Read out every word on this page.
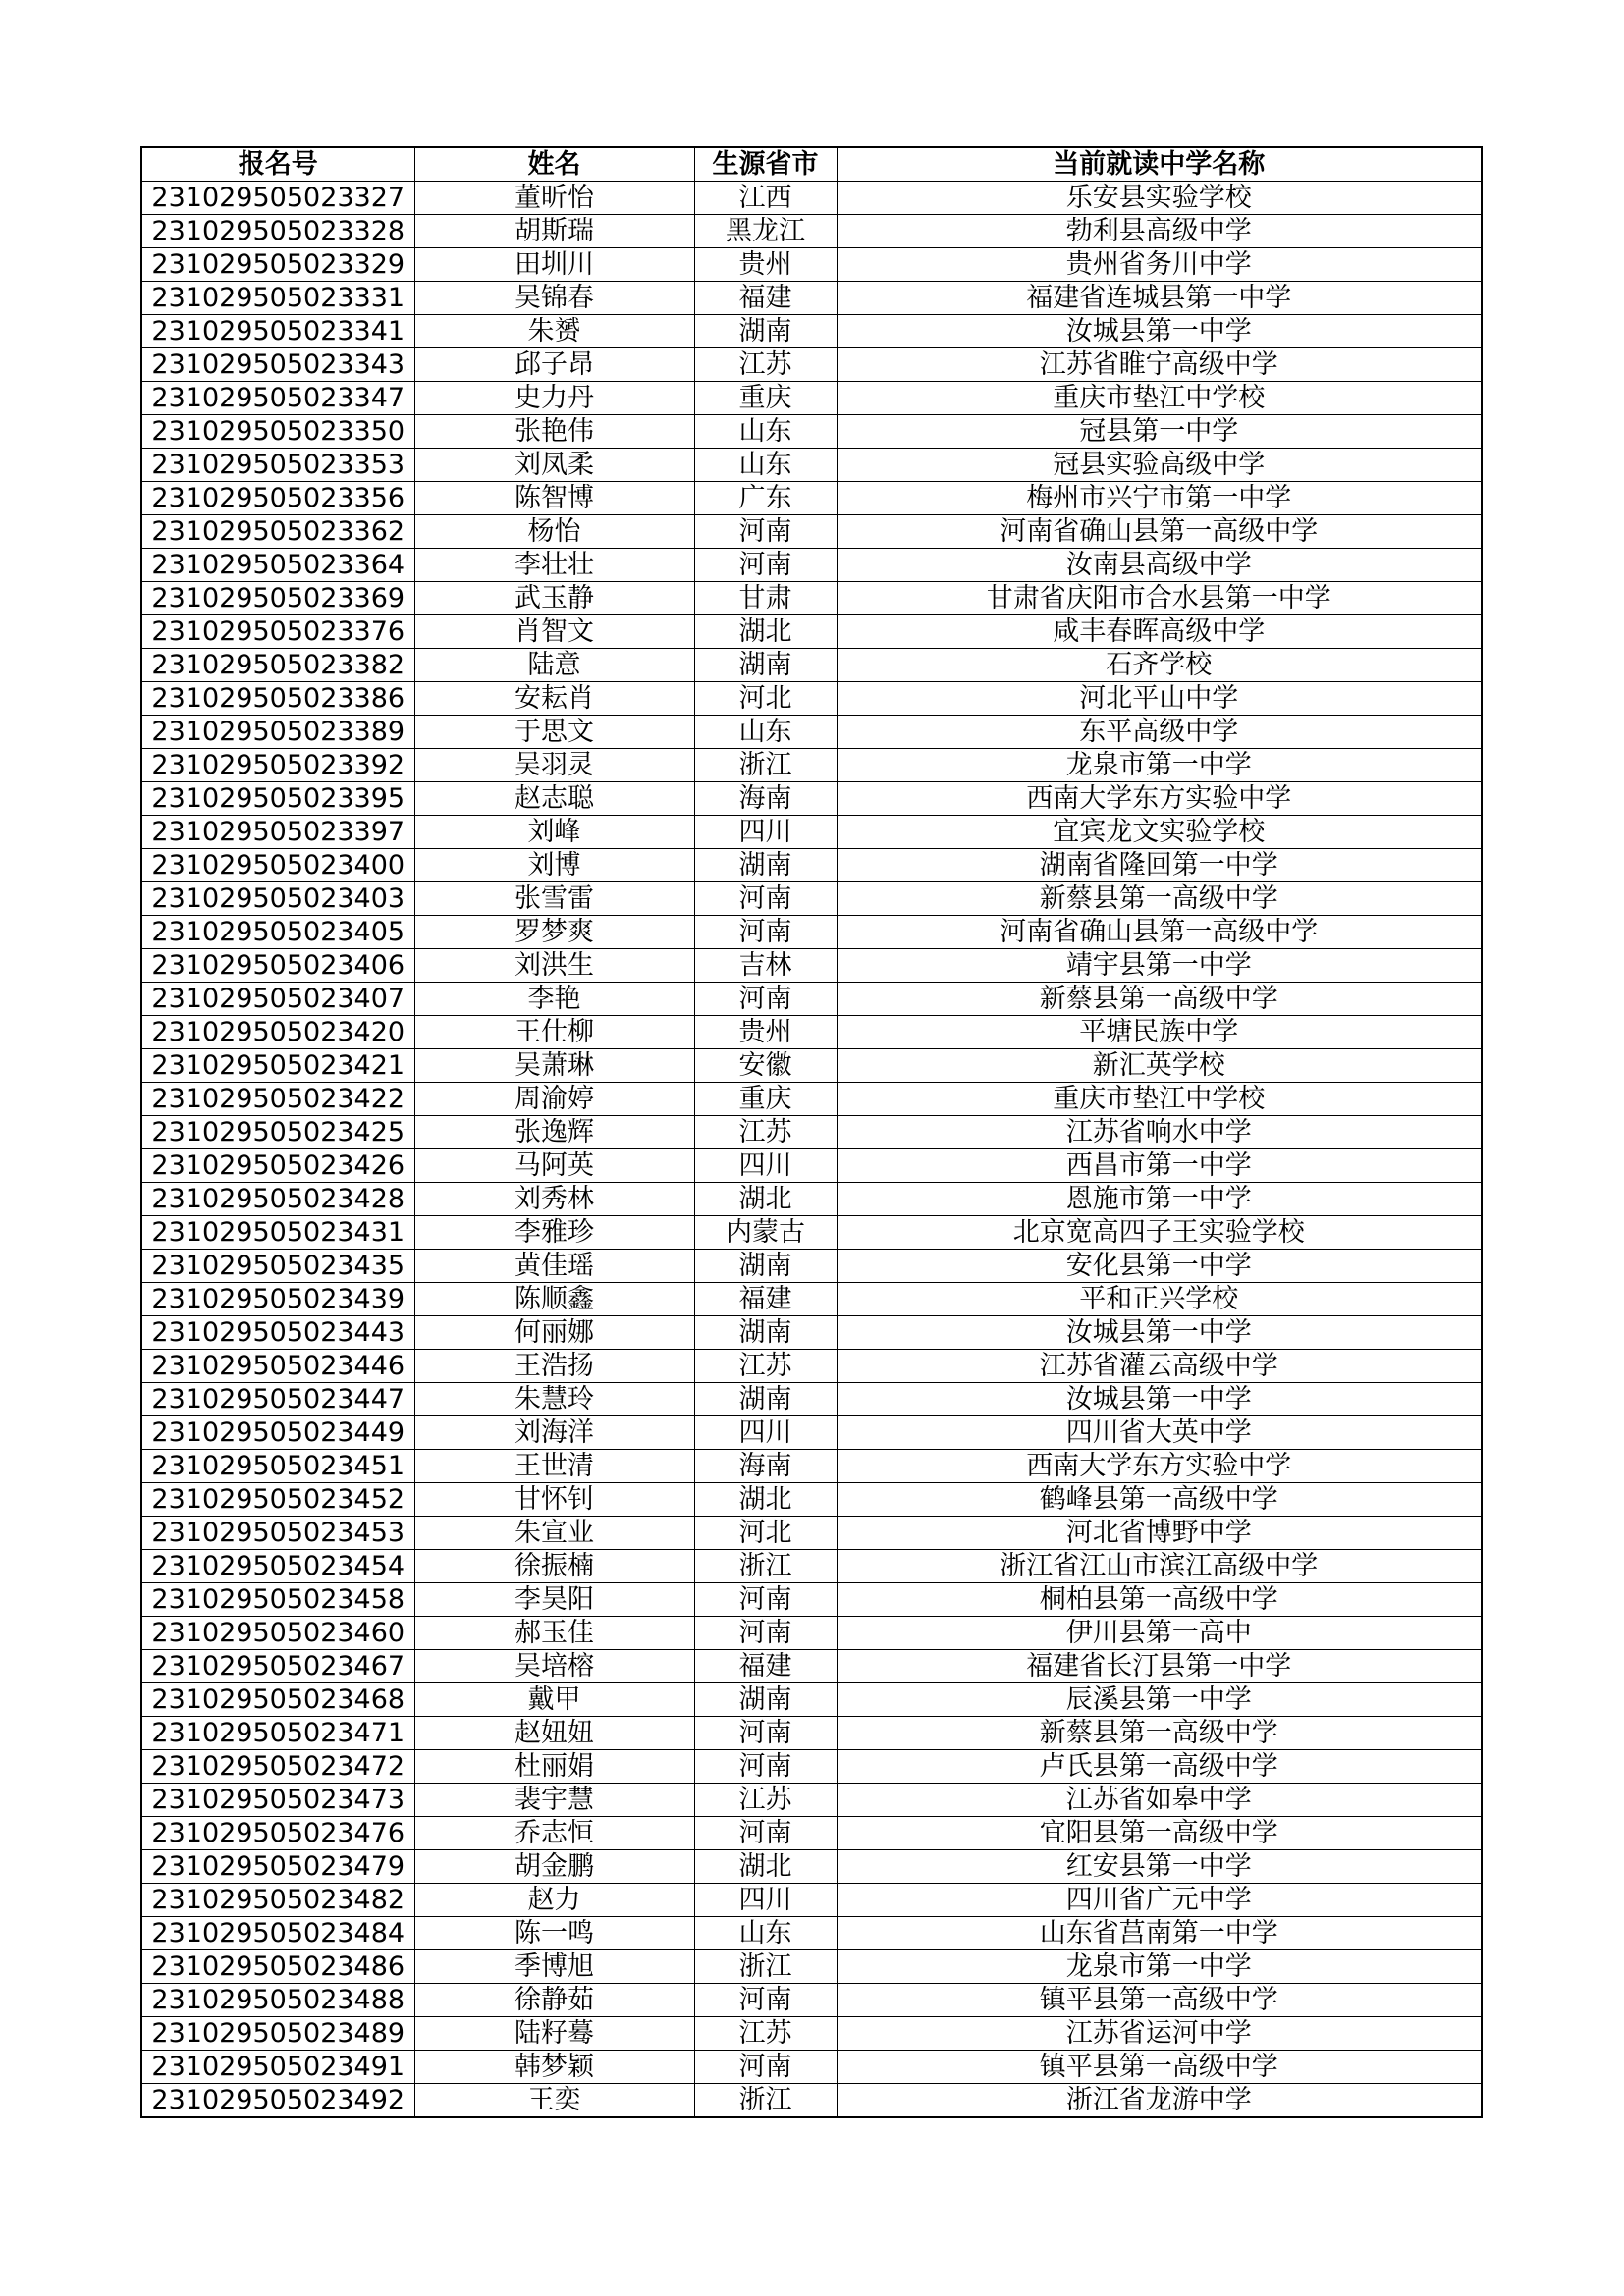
报名号	姓名	生源省市	当前就读中学名称
231029505023327	董昕怡	江西	乐安县实验学校
231029505023328	胡斯瑞	黑龙江	勃利县高级中学
231029505023329	田圳川	贵州	贵州省务川中学
231029505023331	吴锦春	福建	福建省连城县第一中学
231029505023341	朱赟	湖南	汝城县第一中学
231029505023343	邱子昂	江苏	江苏省睢宁高级中学
231029505023347	史力丹	重庆	重庆市垫江中学校
231029505023350	张艳伟	山东	冠县第一中学
231029505023353	刘凤柔	山东	冠县实验高级中学
231029505023356	陈智博	广东	梅州市兴宁市第一中学
231029505023362	杨怡	河南	河南省确山县第一高级中学
231029505023364	李壮壮	河南	汝南县高级中学
231029505023369	武玉静	甘肃	甘肃省庆阳市合水县第一中学
231029505023376	肖智文	湖北	咸丰春晖高级中学
231029505023382	陆意	湖南	石齐学校
231029505023386	安耘肖	河北	河北平山中学
231029505023389	于思文	山东	东平高级中学
231029505023392	吴羽灵	浙江	龙泉市第一中学
231029505023395	赵志聪	海南	西南大学东方实验中学
231029505023397	刘峰	四川	宜宾龙文实验学校
231029505023400	刘博	湖南	湖南省隆回第一中学
231029505023403	张雪雷	河南	新蔡县第一高级中学
231029505023405	罗梦爽	河南	河南省确山县第一高级中学
231029505023406	刘洪生	吉林	靖宇县第一中学
231029505023407	李艳	河南	新蔡县第一高级中学
231029505023420	王仕柳	贵州	平塘民族中学
231029505023421	吴萧琳	安徽	新汇英学校
231029505023422	周渝婷	重庆	重庆市垫江中学校
231029505023425	张逸辉	江苏	江苏省响水中学
231029505023426	马阿英	四川	西昌市第一中学
231029505023428	刘秀林	湖北	恩施市第一中学
231029505023431	李雅珍	内蒙古	北京宽高四子王实验学校
231029505023435	黄佳瑶	湖南	安化县第一中学
231029505023439	陈顺鑫	福建	平和正兴学校
231029505023443	何丽娜	湖南	汝城县第一中学
231029505023446	王浩扬	江苏	江苏省灌云高级中学
231029505023447	朱慧玲	湖南	汝城县第一中学
231029505023449	刘海洋	四川	四川省大英中学
231029505023451	王世清	海南	西南大学东方实验中学
231029505023452	甘怀钊	湖北	鹤峰县第一高级中学
231029505023453	朱宣业	河北	河北省博野中学
231029505023454	徐振楠	浙江	浙江省江山市滨江高级中学
231029505023458	李昊阳	河南	桐柏县第一高级中学
231029505023460	郝玉佳	河南	伊川县第一高中
231029505023467	吴培榕	福建	福建省长汀县第一中学
231029505023468	戴甲	湖南	辰溪县第一中学
231029505023471	赵妞妞	河南	新蔡县第一高级中学
231029505023472	杜丽娟	河南	卢氏县第一高级中学
231029505023473	裴宇慧	江苏	江苏省如皋中学
231029505023476	乔志恒	河南	宜阳县第一高级中学
231029505023479	胡金鹏	湖北	红安县第一中学
231029505023482	赵力	四川	四川省广元中学
231029505023484	陈一鸣	山东	山东省莒南第一中学
231029505023486	季博旭	浙江	龙泉市第一中学
231029505023488	徐静茹	河南	镇平县第一高级中学
231029505023489	陆籽蓦	江苏	江苏省运河中学
231029505023491	韩梦颖	河南	镇平县第一高级中学
231029505023492	王奕	浙江	浙江省龙游中学
